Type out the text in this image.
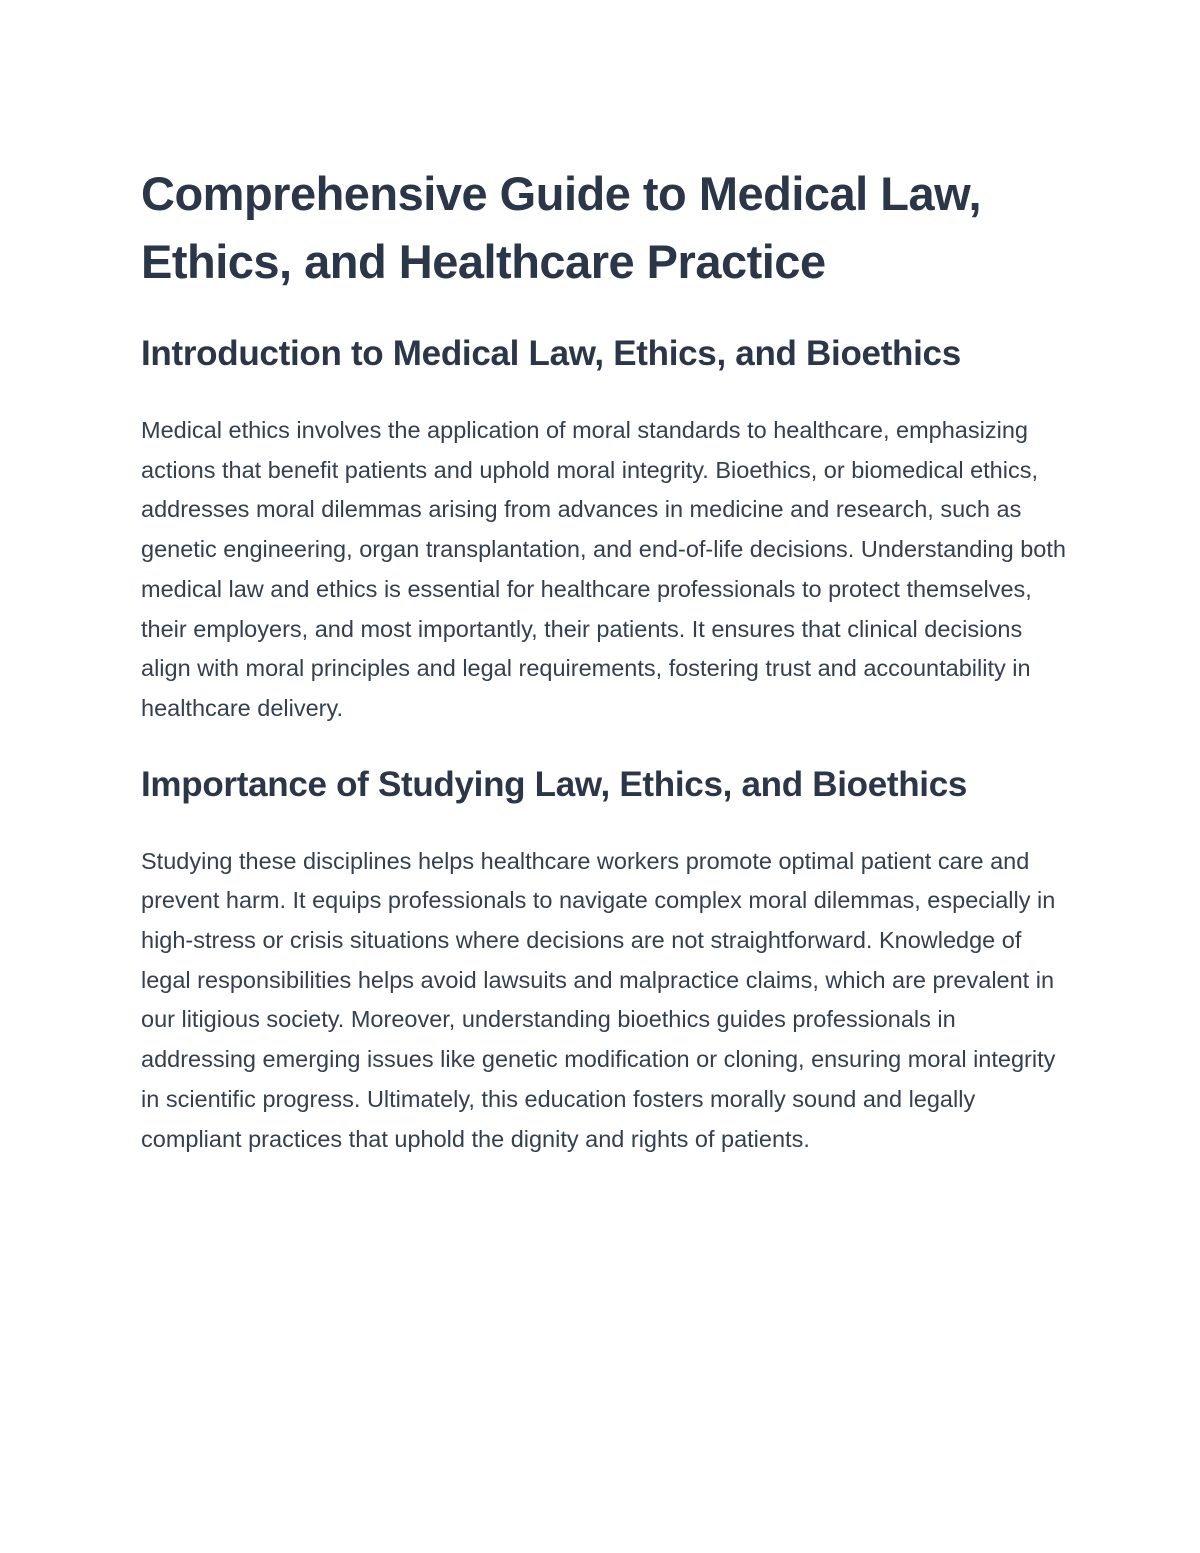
Comprehensive Guide to Medical Law, Ethics, and Healthcare Practice
Introduction to Medical Law, Ethics, and Bioethics

Medical ethics involves the application of moral standards to healthcare, emphasizing actions that benefit patients and uphold moral integrity. Bioethics, or biomedical ethics, addresses moral dilemmas arising from advances in medicine and research, such as genetic engineering, organ transplantation, and end-of-life decisions. Understanding both medical law and ethics is essential for healthcare professionals to protect themselves, their employers, and most importantly, their patients. It ensures that clinical decisions align with moral principles and legal requirements, fostering trust and accountability in healthcare delivery.

Importance of Studying Law, Ethics, and Bioethics

Studying these disciplines helps healthcare workers promote optimal patient care and prevent harm. It equips professionals to navigate complex moral dilemmas, especially in high-stress or crisis situations where decisions are not straightforward. Knowledge of legal responsibilities helps avoid lawsuits and malpractice claims, which are prevalent in our litigious society. Moreover, understanding bioethics guides professionals in addressing emerging issues like genetic modification or cloning, ensuring moral integrity in scientific progress. Ultimately, this education fosters morally sound and legally compliant practices that uphold the dignity and rights of patients.
